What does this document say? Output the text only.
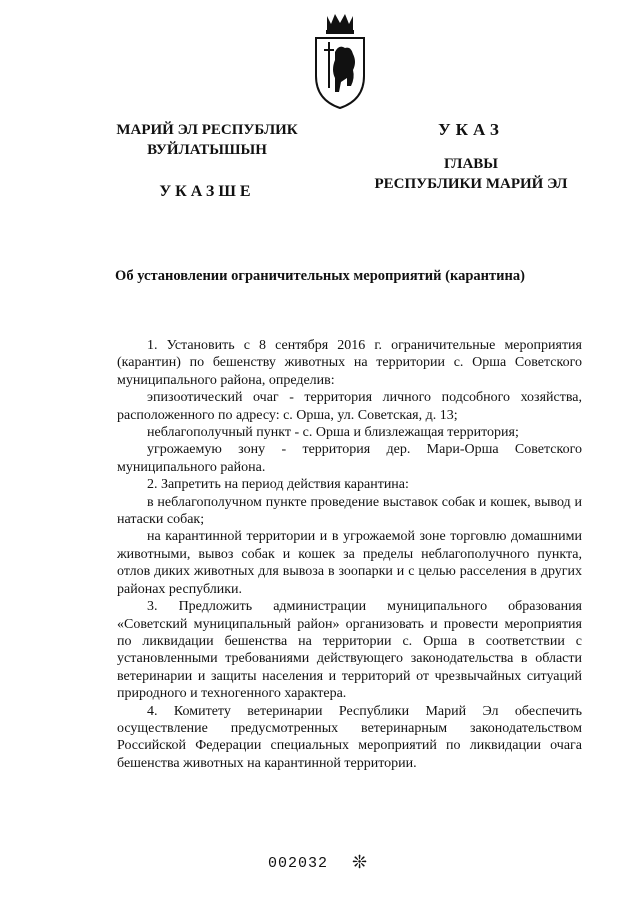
МАРИЙ ЭЛ РЕСПУБЛИК
ВУЙЛАТЫШЫН
УКАЗШЕ
УКАЗ
ГЛАВЫ
РЕСПУБЛИКИ МАРИЙ ЭЛ
Об установлении ограничительных мероприятий (карантина)

1. Установить с 8 сентября 2016 г. ограничительные мероприятия (карантин) по бешенству животных на территории с. Орша Советского муниципального района, определив:

эпизоотический очаг - территория личного подсобного хозяйства, расположенного по адресу: с. Орша, ул. Советская, д. 13;

неблагополучный пункт - с. Орша и близлежащая территория;

угрожаемую зону - территория дер. Мари-Орша Советского муниципального района.

2. Запретить на период действия карантина:

в неблагополучном пункте проведение выставок собак и кошек, вывод и натаски собак;

на карантинной территории и в угрожаемой зоне торговлю домашними животными, вывоз собак и кошек за пределы неблагополучного пункта, отлов диких животных для вывоза в зоопарки и с целью расселения в других районах республики.

3. Предложить администрации муниципального образования «Советский муниципальный район» организовать и провести мероприятия по ликвидации бешенства на территории с. Орша в соответствии с установленными требованиями действующего законодательства в области ветеринарии и защиты населения и территорий от чрезвычайных ситуаций природного и техногенного характера.

4. Комитету ветеринарии Республики Марий Эл обеспечить осуществление предусмотренных ветеринарным законодательством Российской Федерации специальных мероприятий по ликвидации очага бешенства животных на карантинной территории.

002032 ❊
